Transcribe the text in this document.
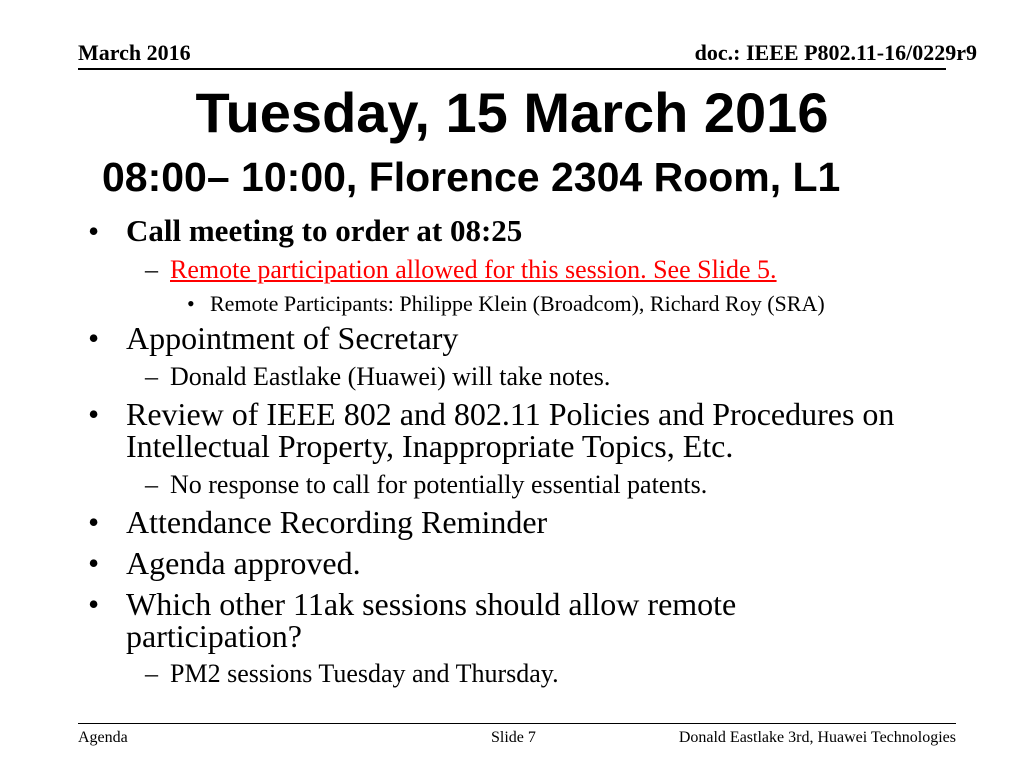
March 2016	doc.: IEEE P802.11-16/0229r9
Tuesday, 15 March 2016
08:00– 10:00, Florence 2304 Room, L1
• Call meeting to order at 08:25
– Remote participation allowed for this session. See Slide 5.
• Remote Participants: Philippe Klein (Broadcom), Richard Roy (SRA)
• Appointment of Secretary
– Donald Eastlake (Huawei) will take notes.
• Review of IEEE 802 and 802.11 Policies and Procedures on
Intellectual Property, Inappropriate Topics, Etc.
– No response to call for potentially essential patents.
• Attendance Recording Reminder
• Agenda approved.
• Which other 11ak sessions should allow remote
participation?
– PM2 sessions Tuesday and Thursday.
Agenda	Slide 7	Donald Eastlake 3rd, Huawei Technologies
